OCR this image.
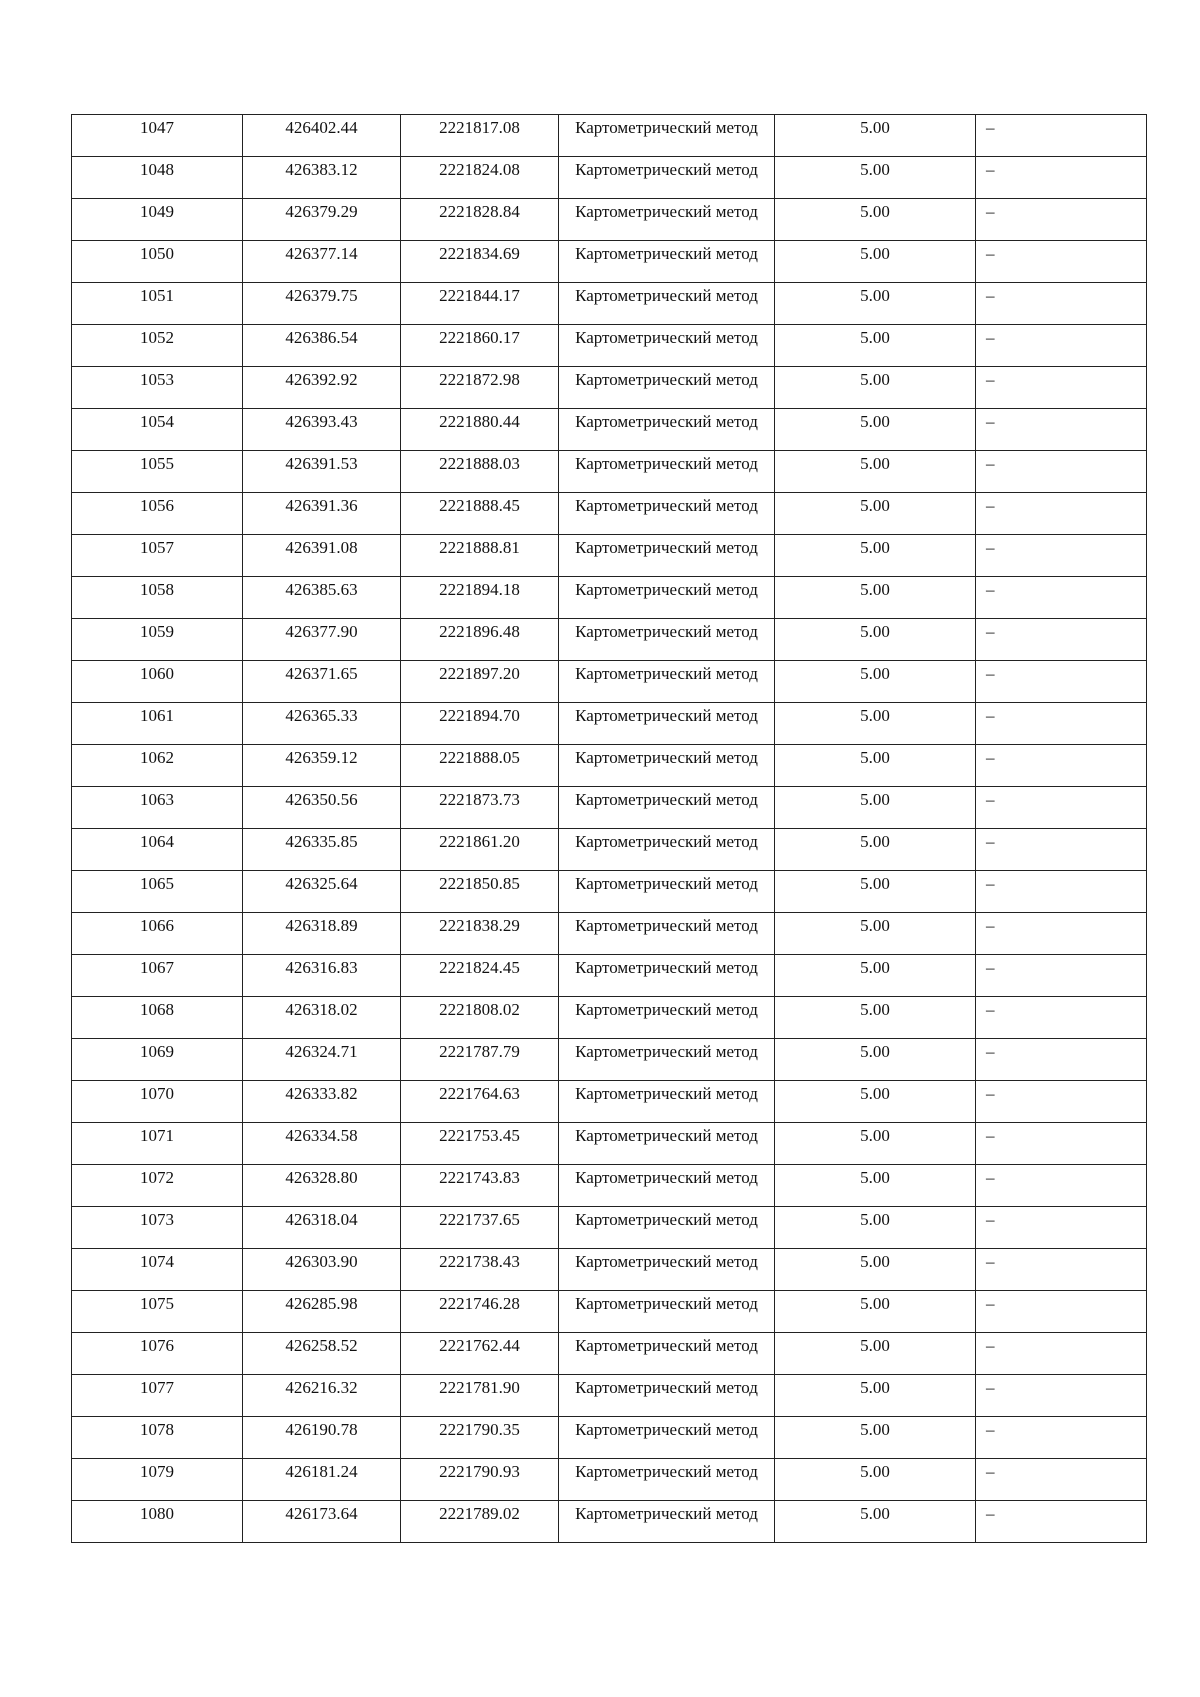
1047	426402.44	2221817.08	Картометрический метод	5.00	–
1048	426383.12	2221824.08	Картометрический метод	5.00	–
1049	426379.29	2221828.84	Картометрический метод	5.00	–
1050	426377.14	2221834.69	Картометрический метод	5.00	–
1051	426379.75	2221844.17	Картометрический метод	5.00	–
1052	426386.54	2221860.17	Картометрический метод	5.00	–
1053	426392.92	2221872.98	Картометрический метод	5.00	–
1054	426393.43	2221880.44	Картометрический метод	5.00	–
1055	426391.53	2221888.03	Картометрический метод	5.00	–
1056	426391.36	2221888.45	Картометрический метод	5.00	–
1057	426391.08	2221888.81	Картометрический метод	5.00	–
1058	426385.63	2221894.18	Картометрический метод	5.00	–
1059	426377.90	2221896.48	Картометрический метод	5.00	–
1060	426371.65	2221897.20	Картометрический метод	5.00	–
1061	426365.33	2221894.70	Картометрический метод	5.00	–
1062	426359.12	2221888.05	Картометрический метод	5.00	–
1063	426350.56	2221873.73	Картометрический метод	5.00	–
1064	426335.85	2221861.20	Картометрический метод	5.00	–
1065	426325.64	2221850.85	Картометрический метод	5.00	–
1066	426318.89	2221838.29	Картометрический метод	5.00	–
1067	426316.83	2221824.45	Картометрический метод	5.00	–
1068	426318.02	2221808.02	Картометрический метод	5.00	–
1069	426324.71	2221787.79	Картометрический метод	5.00	–
1070	426333.82	2221764.63	Картометрический метод	5.00	–
1071	426334.58	2221753.45	Картометрический метод	5.00	–
1072	426328.80	2221743.83	Картометрический метод	5.00	–
1073	426318.04	2221737.65	Картометрический метод	5.00	–
1074	426303.90	2221738.43	Картометрический метод	5.00	–
1075	426285.98	2221746.28	Картометрический метод	5.00	–
1076	426258.52	2221762.44	Картометрический метод	5.00	–
1077	426216.32	2221781.90	Картометрический метод	5.00	–
1078	426190.78	2221790.35	Картометрический метод	5.00	–
1079	426181.24	2221790.93	Картометрический метод	5.00	–
1080	426173.64	2221789.02	Картометрический метод	5.00	–
